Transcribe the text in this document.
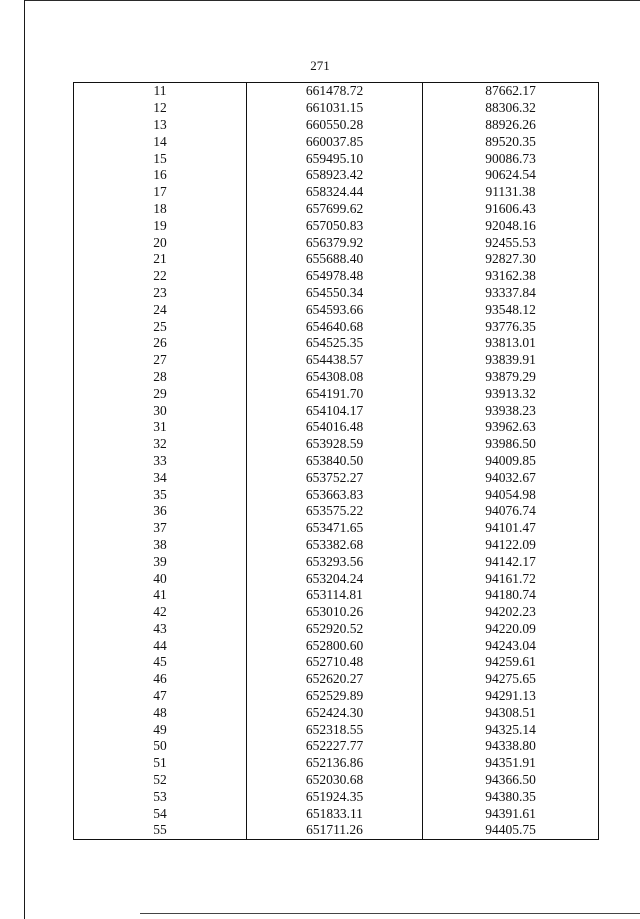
271
11	661478.72	87662.17
12	661031.15	88306.32
13	660550.28	88926.26
14	660037.85	89520.35
15	659495.10	90086.73
16	658923.42	90624.54
17	658324.44	91131.38
18	657699.62	91606.43
19	657050.83	92048.16
20	656379.92	92455.53
21	655688.40	92827.30
22	654978.48	93162.38
23	654550.34	93337.84
24	654593.66	93548.12
25	654640.68	93776.35
26	654525.35	93813.01
27	654438.57	93839.91
28	654308.08	93879.29
29	654191.70	93913.32
30	654104.17	93938.23
31	654016.48	93962.63
32	653928.59	93986.50
33	653840.50	94009.85
34	653752.27	94032.67
35	653663.83	94054.98
36	653575.22	94076.74
37	653471.65	94101.47
38	653382.68	94122.09
39	653293.56	94142.17
40	653204.24	94161.72
41	653114.81	94180.74
42	653010.26	94202.23
43	652920.52	94220.09
44	652800.60	94243.04
45	652710.48	94259.61
46	652620.27	94275.65
47	652529.89	94291.13
48	652424.30	94308.51
49	652318.55	94325.14
50	652227.77	94338.80
51	652136.86	94351.91
52	652030.68	94366.50
53	651924.35	94380.35
54	651833.11	94391.61
55	651711.26	94405.75
